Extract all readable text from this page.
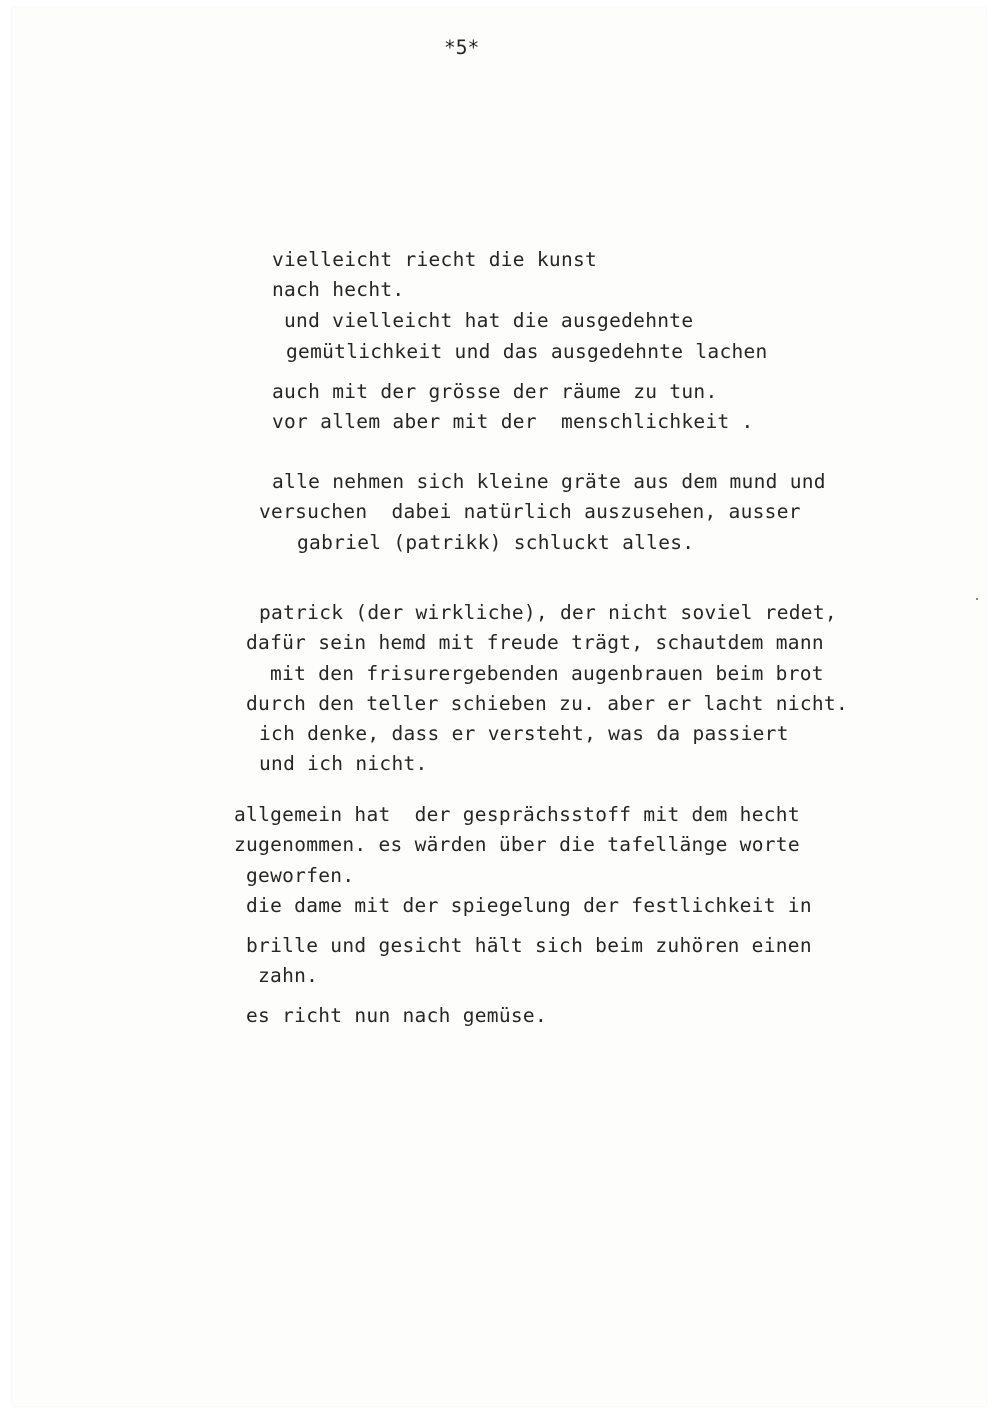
*5*

vielleicht riecht die kunst

nach hecht.

und vielleicht hat die ausgedehnte

gemütlichkeit und das ausgedehnte lachen

auch mit der grösse der räume zu tun.

vor allem aber mit der  menschlichkeit .

alle nehmen sich kleine gräte aus dem mund und

versuchen  dabei natürlich auszusehen, ausser

gabriel (patrikk) schluckt alles.

patrick (der wirkliche), der nicht soviel redet,

dafür sein hemd mit freude trägt, schautdem mann

mit den frisurergebenden augenbrauen beim brot

durch den teller schieben zu. aber er lacht nicht.

ich denke, dass er versteht, was da passiert

und ich nicht.

allgemein hat  der gesprächsstoff mit dem hecht

zugenommen. es wärden über die tafellänge worte

geworfen.

die dame mit der spiegelung der festlichkeit in

brille und gesicht hält sich beim zuhören einen

zahn.

es richt nun nach gemüse.
